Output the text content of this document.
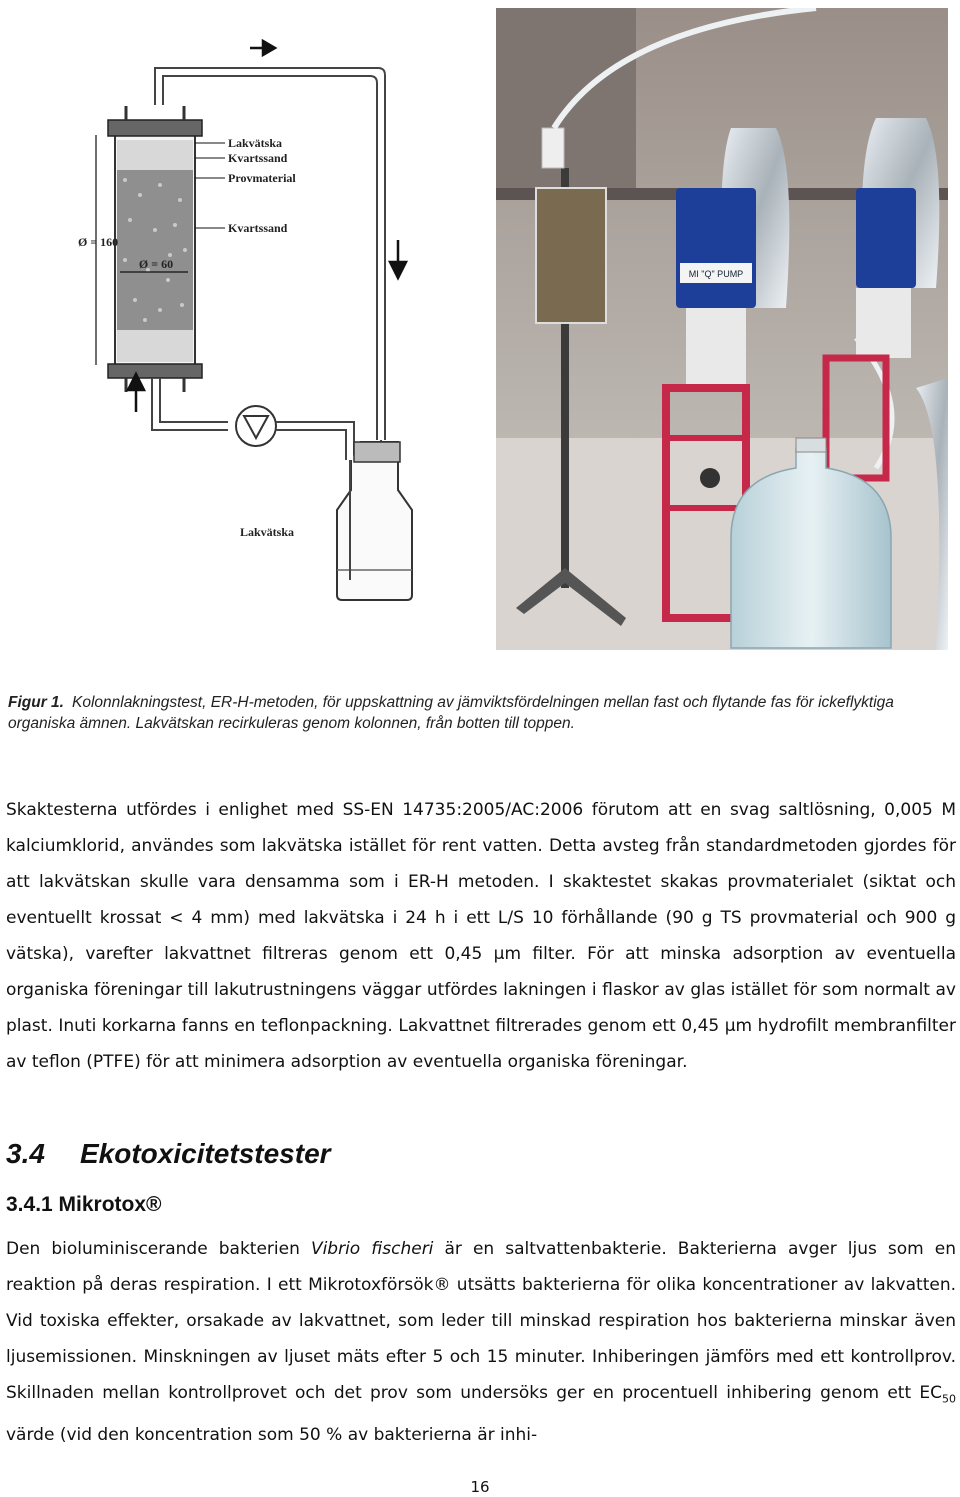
Ø = 60
Ø = 160
Lakvätska
Kvartssand
Provmaterial
Kvartssand
Lakvätska
MI "Q" PUMP
Figur 1. Kolonnlakningstest, ER-H-metoden, för uppskattning av jämviktsfördelningen mellan fast och flytande fas för ickeflyktiga organiska ämnen. Lakvätskan recirkuleras genom kolonnen, från botten till toppen.
Skaktesterna utfördes i enlighet med SS-EN 14735:2005/AC:2006 förutom att en svag saltlösning, 0,005 M kalciumklorid, användes som lakvätska istället för rent vatten. Detta avsteg från standardmetoden gjordes för att lakvätskan skulle vara densamma som i ER-H metoden. I skaktestet skakas provmaterialet (siktat och eventuellt krossat < 4 mm) med lakvätska i 24 h i ett L/S 10 förhållande (90 g TS provmaterial och 900 g vätska), varefter lakvattnet filtreras genom ett 0,45 µm filter. För att minska adsorption av eventuella organiska föreningar till lakutrustningens väggar utfördes lakningen i flaskor av glas istället för som normalt av plast. Inuti korkarna fanns en teflonpackning. Lakvattnet filtrerades genom ett 0,45 µm hydrofilt membranfilter av teflon (PTFE) för att minimera adsorption av eventuella organiska föreningar.
3.4 Ekotoxicitetstester
3.4.1 Mikrotox®
Den bioluminiscerande bakterien Vibrio fischeri är en saltvattenbakterie. Bakterierna avger ljus som en reaktion på deras respiration. I ett Mikrotoxförsök® utsätts bakterierna för olika koncentrationer av lakvatten. Vid toxiska effekter, orsakade av lakvattnet, som leder till minskad respiration hos bakterierna minskar även ljusemissionen. Minskningen av ljuset mäts efter 5 och 15 minuter. Inhiberingen jämförs med ett kontrollprov. Skillnaden mellan kontrollprovet och det prov som undersöks ger en procentuell inhibering genom ett $EC_{50}$ värde (vid den koncentration som 50 % av bakterierna är inhi-
16
